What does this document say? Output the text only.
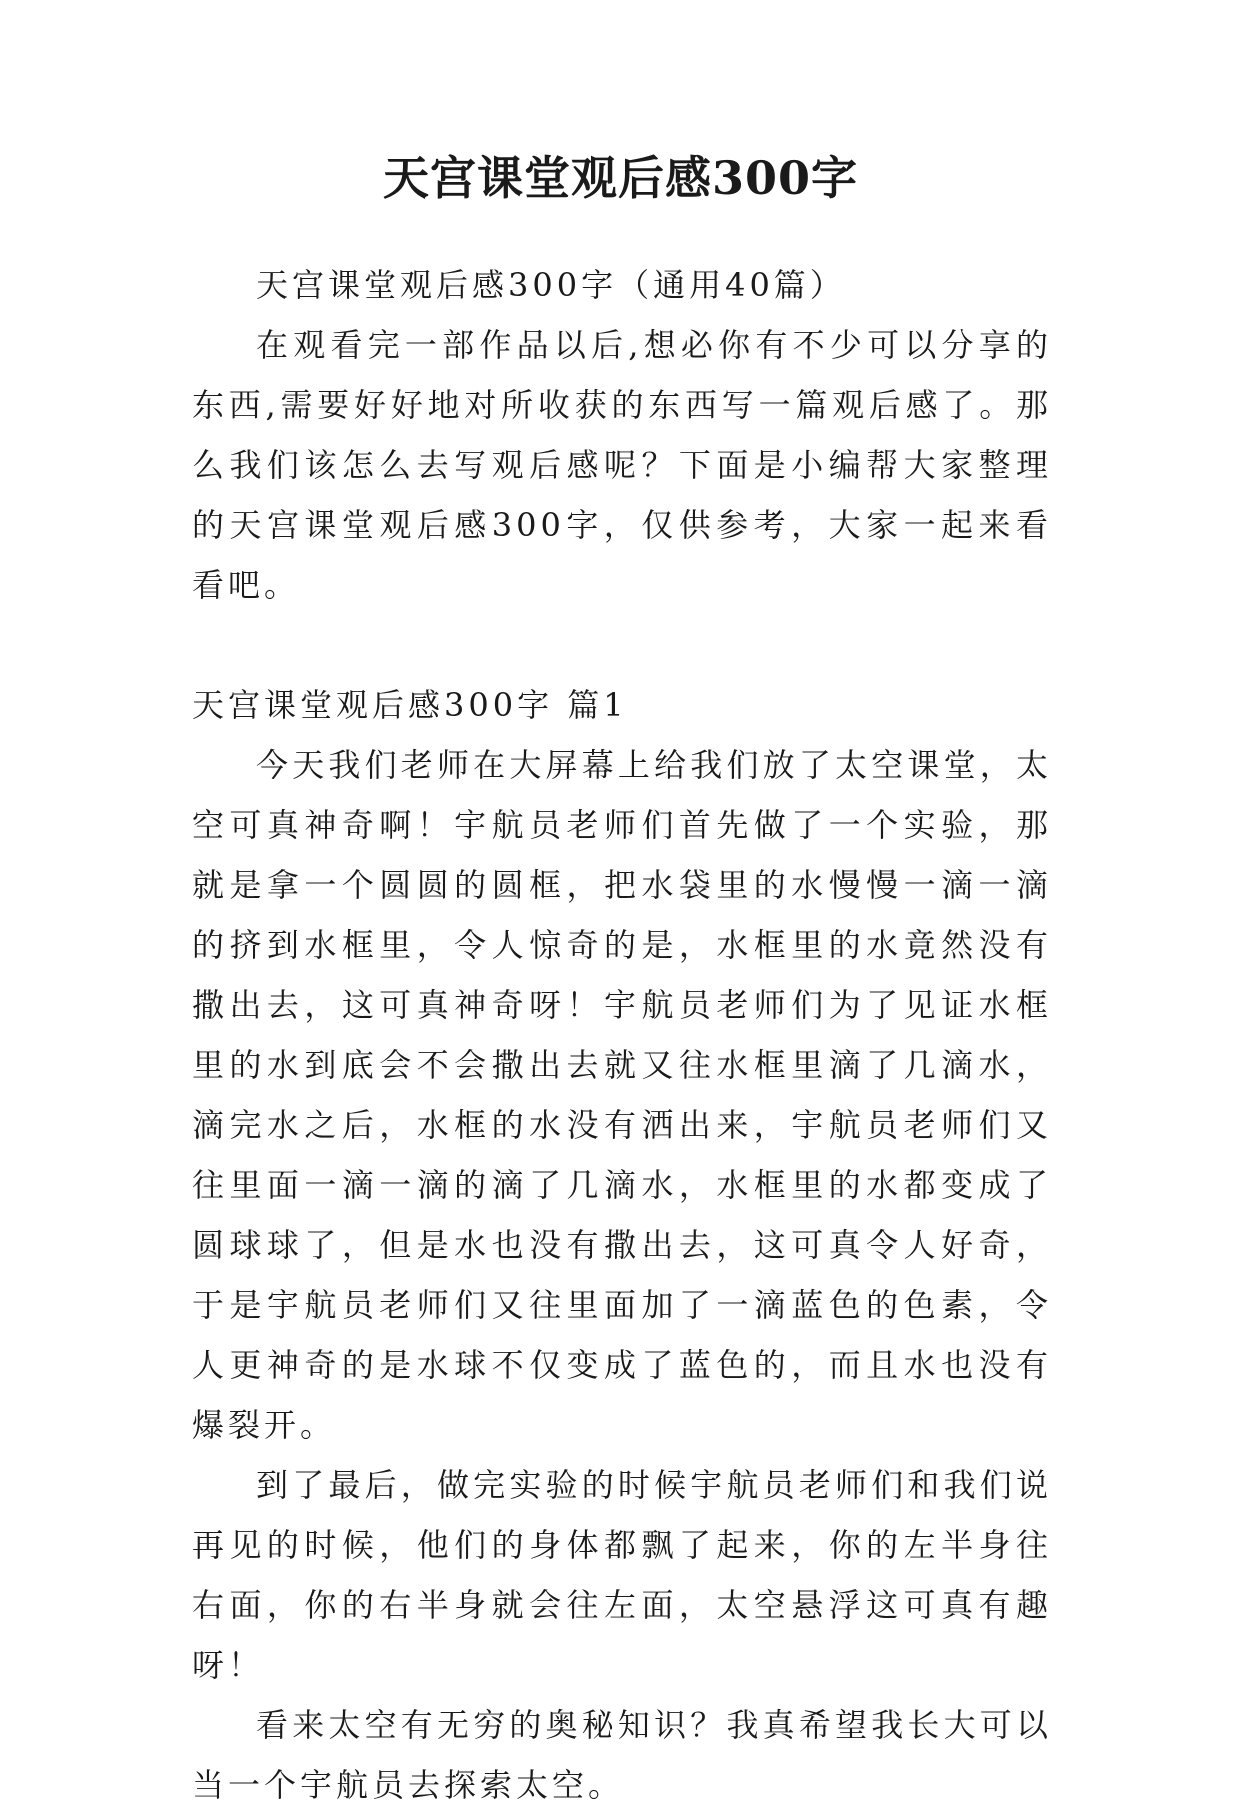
天宫课堂观后感300字

天宫课堂观后感300字（通用40篇）

在观看完一部作品以后,想必你有不少可以分享的东西,需要好好地对所收获的东西写一篇观后感了。那么我们该怎么去写观后感呢？下面是小编帮大家整理的天宫课堂观后感300字，仅供参考，大家一起来看看吧。

天宫课堂观后感300字 篇1

今天我们老师在大屏幕上给我们放了太空课堂，太空可真神奇啊！宇航员老师们首先做了一个实验，那就是拿一个圆圆的圆框，把水袋里的水慢慢一滴一滴的挤到水框里，令人惊奇的是，水框里的水竟然没有撒出去，这可真神奇呀！宇航员老师们为了见证水框里的水到底会不会撒出去就又往水框里滴了几滴水，滴完水之后，水框的水没有洒出来，宇航员老师们又往里面一滴一滴的滴了几滴水，水框里的水都变成了圆球球了，但是水也没有撒出去，这可真令人好奇，于是宇航员老师们又往里面加了一滴蓝色的色素，令人更神奇的是水球不仅变成了蓝色的，而且水也没有爆裂开。

到了最后，做完实验的时候宇航员老师们和我们说再见的时候，他们的身体都飘了起来，你的左半身往右面，你的右半身就会往左面，太空悬浮这可真有趣呀！

看来太空有无穷的奥秘知识？我真希望我长大可以当一个宇航员去探索太空。
